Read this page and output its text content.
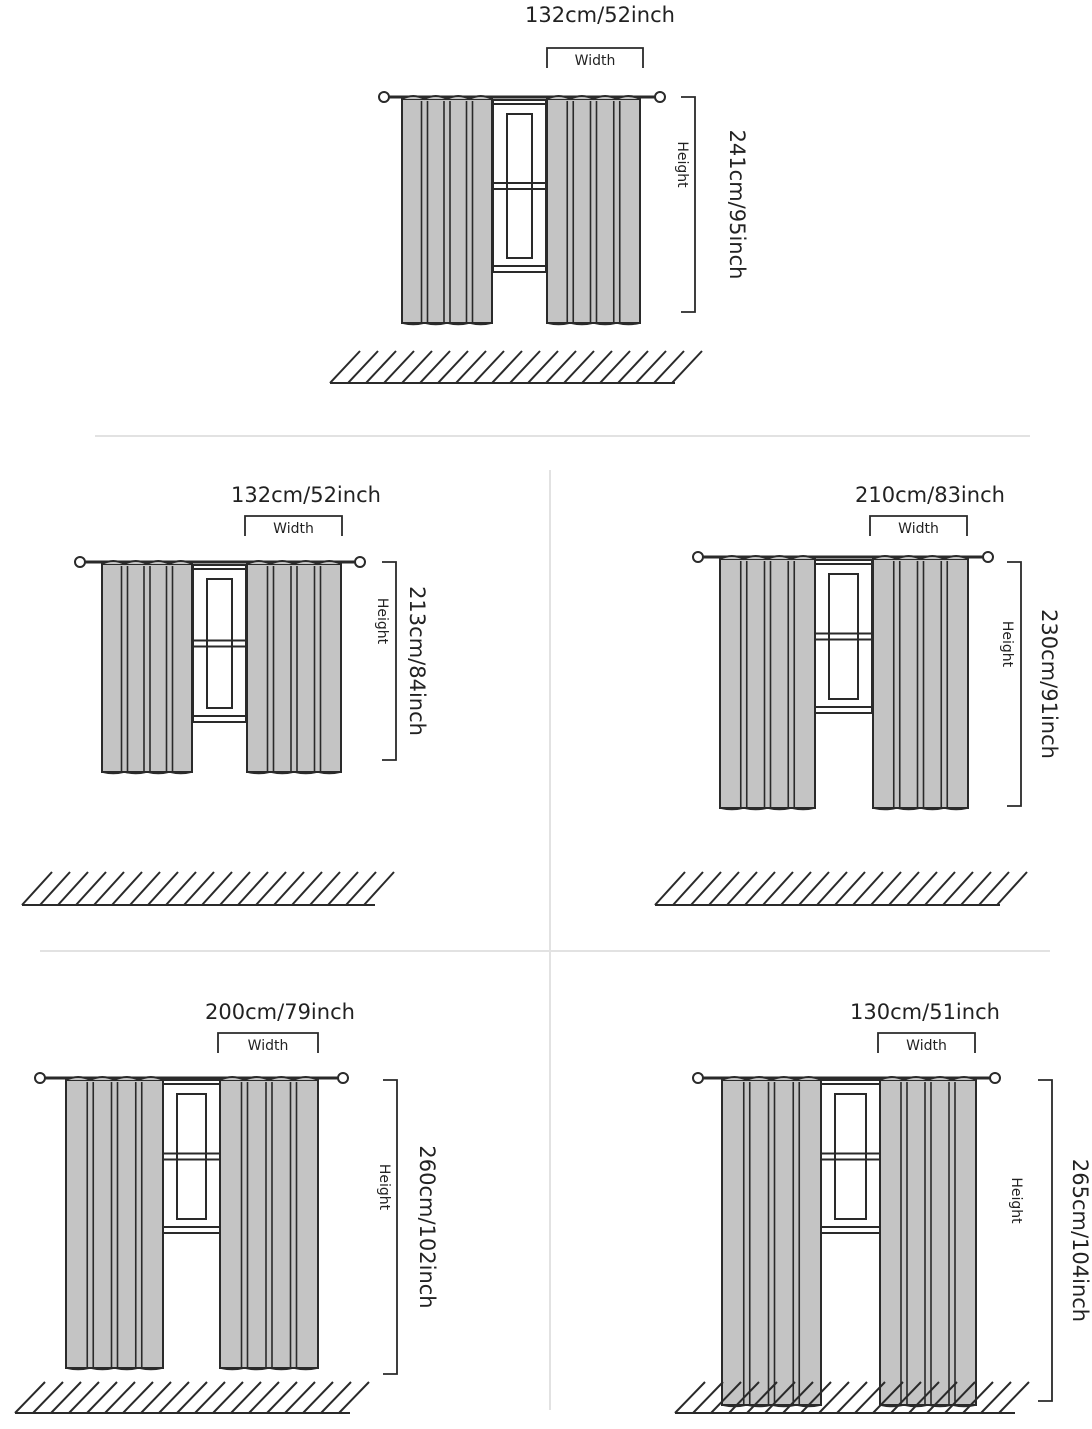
Width
132cm/52inch
Height 241cm/95inch
Width
132cm/52inch
Height 213cm/84inch
Width
210cm/83inch
Height 230cm/91inch
Width
200cm/79inch
Height 260cm/102inch
Width
130cm/51inch
Height 265cm/104inch
